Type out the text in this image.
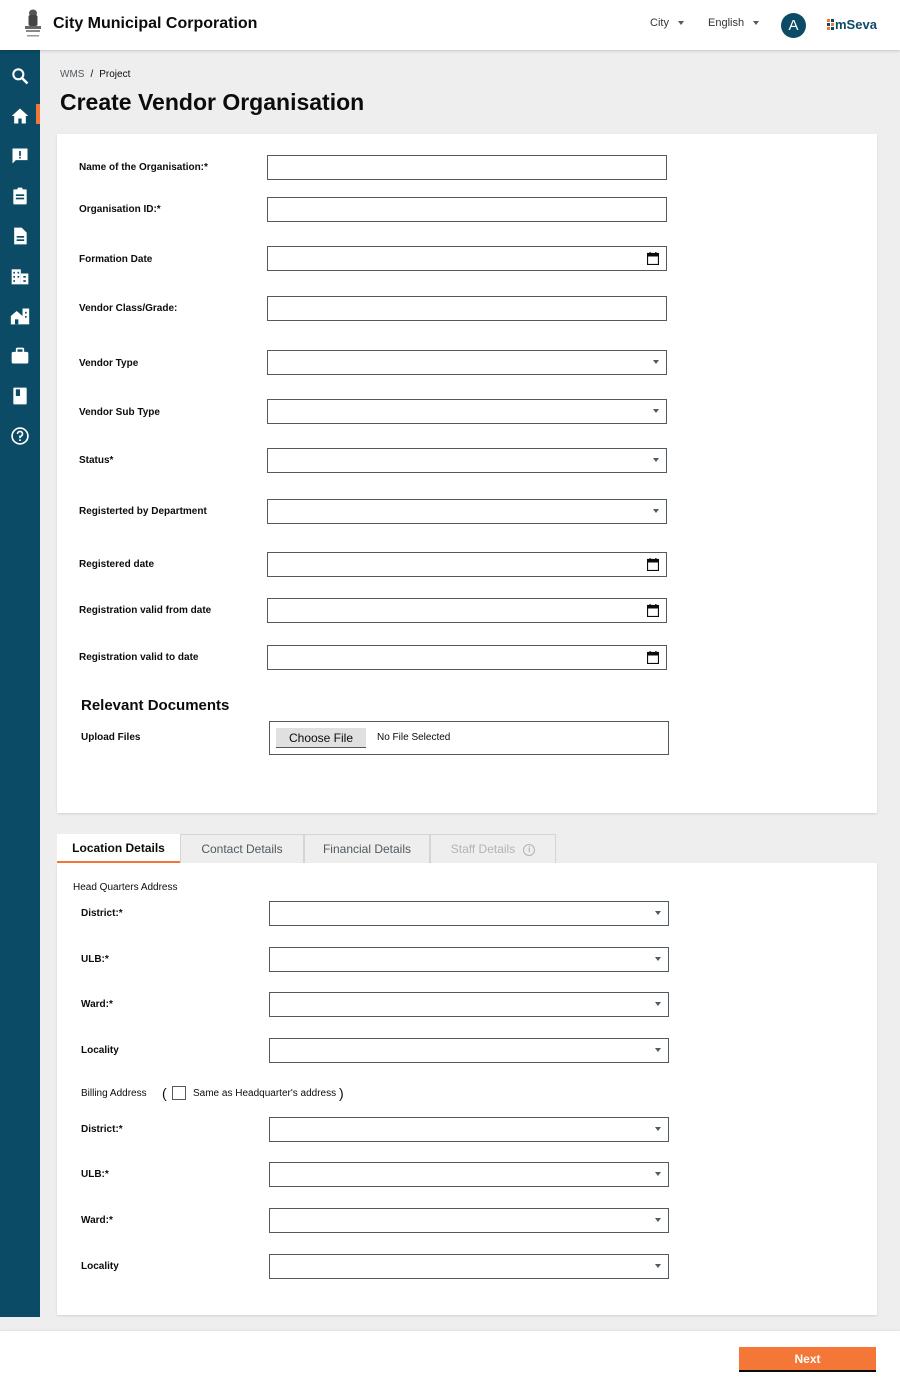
City Municipal Corporation	City	English	A	mSeva
WMS / Project
Create Vendor Organisation
Name of the Organisation:*
Organisation ID:*
Formation Date
Vendor Class/Grade:
Vendor Type
Vendor Sub Type
Status*
Registerted by Department
Registered date
Registration valid from date
Registration valid to date
Relevant Documents
Upload Files	Choose File	No File Selected
Location Details	Contact Details	Financial Details	Staff Details i
Head Quarters Address
District:*
ULB:*
Ward:*
Locality
Billing Address (	Same as Headquarter's address )
District:*
ULB:*
Ward:*
Locality
Next
